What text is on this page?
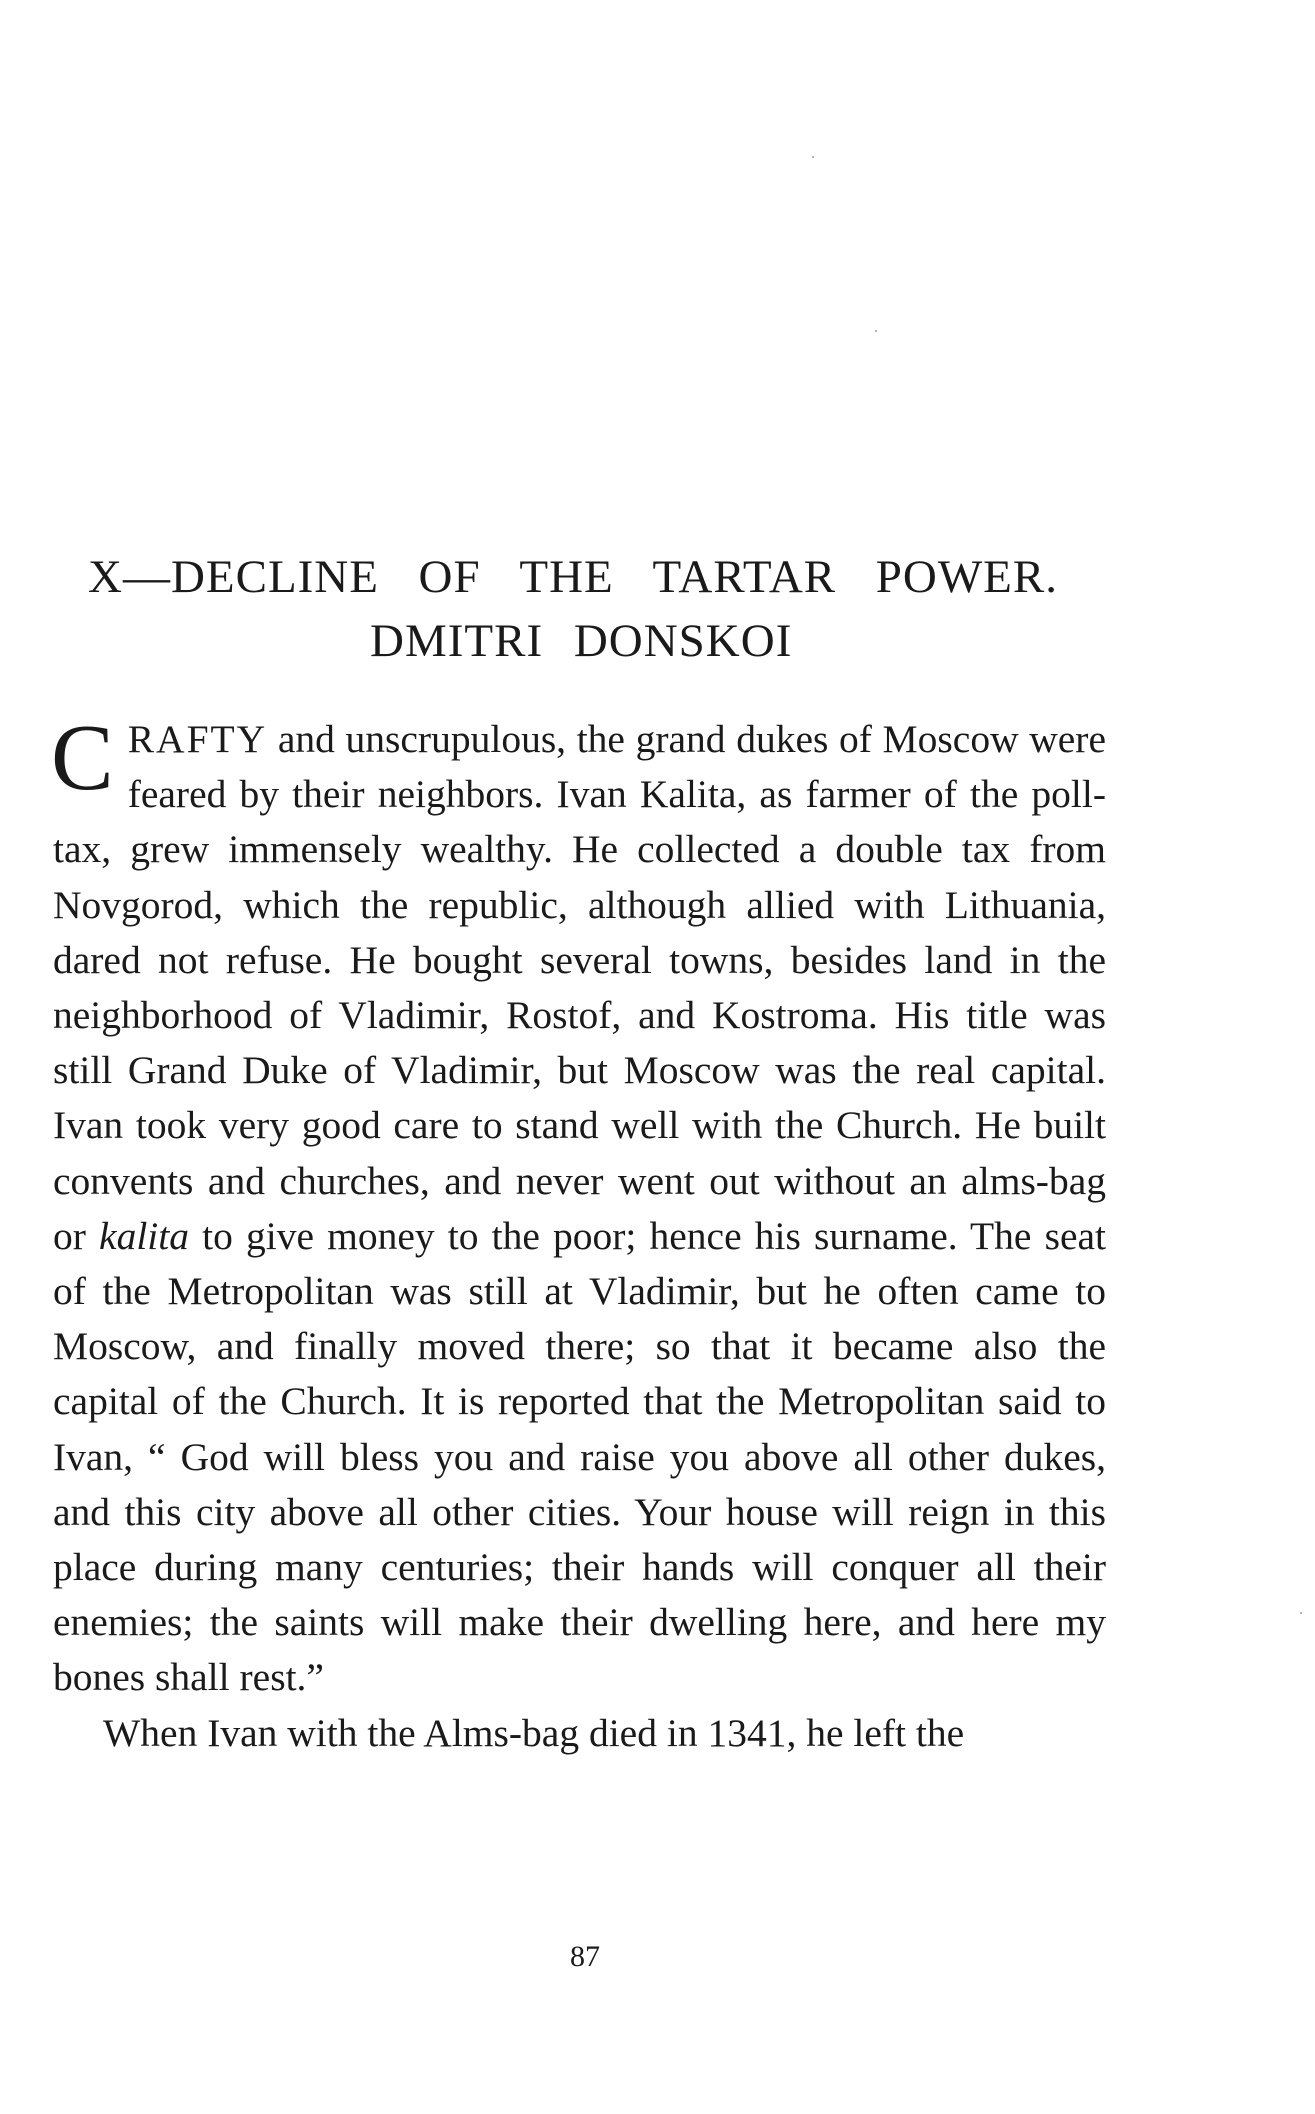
X—DECLINE OF THE TARTAR POWER.
DMITRI DONSKOI

CRAFTY and unscrupulous, the grand dukes of Moscow were feared by their neighbors. Ivan Kalita, as farmer of the poll-tax, grew immensely wealthy. He collected a double tax from Novgorod, which the republic, although allied with Lithuania, dared not refuse. He bought several towns, besides land in the neighborhood of Vladimir, Rostof, and Kostroma. His title was still Grand Duke of Vladimir, but Moscow was the real capital. Ivan took very good care to stand well with the Church. He built convents and churches, and never went out without an alms-bag or kalita to give money to the poor; hence his surname. The seat of the Metropolitan was still at Vladimir, but he often came to Moscow, and finally moved there; so that it became also the capital of the Church. It is reported that the Metropolitan said to Ivan, “ God will bless you and raise you above all other dukes, and this city above all other cities. Your house will reign in this place during many centuries; their hands will conquer all their enemies; the saints will make their dwelling here, and here my bones shall rest.”

When Ivan with the Alms-bag died in 1341, he left the

87
